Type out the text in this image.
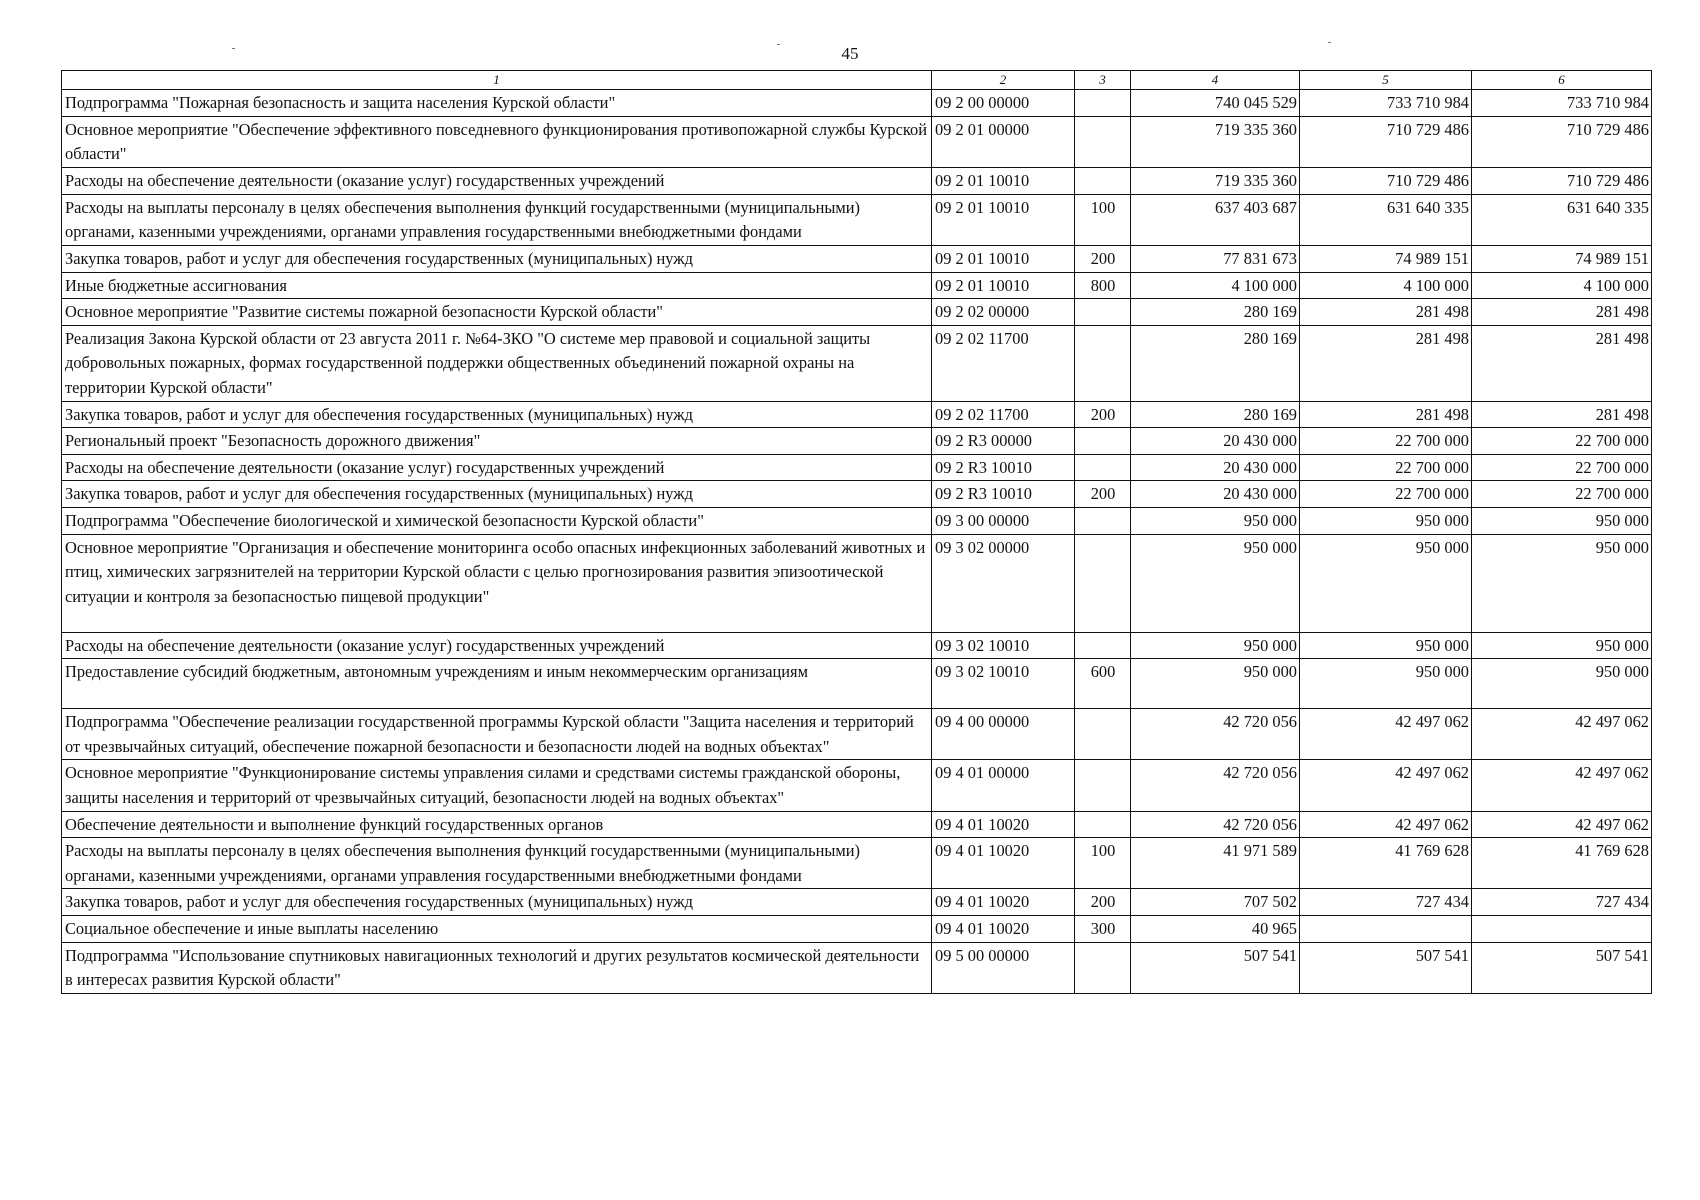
45
1	2	3	4	5	6
Подпрограмма "Пожарная безопасность и защита населения Курской области"	09 2 00 00000		740 045 529	733 710 984	733 710 984
Основное мероприятие "Обеспечение эффективного повседневного функционирования противопожарной службы Курской области"	09 2 01 00000		719 335 360	710 729 486	710 729 486
Расходы на обеспечение деятельности (оказание услуг) государственных учреждений	09 2 01 10010		719 335 360	710 729 486	710 729 486
Расходы на выплаты персоналу в целях обеспечения выполнения функций государственными (муниципальными) органами, казенными учреждениями, органами управления государственными внебюджетными фондами	09 2 01 10010	100	637 403 687	631 640 335	631 640 335
Закупка товаров, работ и услуг для обеспечения государственных (муниципальных) нужд	09 2 01 10010	200	77 831 673	74 989 151	74 989 151
Иные бюджетные ассигнования	09 2 01 10010	800	4 100 000	4 100 000	4 100 000
Основное мероприятие "Развитие системы пожарной безопасности Курской области"	09 2 02 00000		280 169	281 498	281 498
Реализация Закона Курской области от 23 августа 2011 г. №64-ЗКО "О системе мер правовой и социальной защиты добровольных пожарных, формах государственной поддержки общественных объединений пожарной охраны на территории Курской области"	09 2 02 11700		280 169	281 498	281 498
Закупка товаров, работ и услуг для обеспечения государственных (муниципальных) нужд	09 2 02 11700	200	280 169	281 498	281 498
Региональный проект "Безопасность дорожного движения"	09 2 R3 00000		20 430 000	22 700 000	22 700 000
Расходы на обеспечение деятельности (оказание услуг) государственных учреждений	09 2 R3 10010		20 430 000	22 700 000	22 700 000
Закупка товаров, работ и услуг для обеспечения государственных (муниципальных) нужд	09 2 R3 10010	200	20 430 000	22 700 000	22 700 000
Подпрограмма "Обеспечение биологической и химической безопасности Курской области"	09 3 00 00000		950 000	950 000	950 000
Основное мероприятие "Организация и обеспечение мониторинга особо опасных инфекционных заболеваний животных и птиц, химических загрязнителей на территории Курской области с целью прогнозирования развития эпизоотической ситуации и контроля за безопасностью пищевой продукции"	09 3 02 00000		950 000	950 000	950 000
Расходы на обеспечение деятельности (оказание услуг) государственных учреждений	09 3 02 10010		950 000	950 000	950 000
Предоставление субсидий бюджетным, автономным учреждениям и иным некоммерческим организациям	09 3 02 10010	600	950 000	950 000	950 000
Подпрограмма "Обеспечение реализации государственной программы Курской области "Защита населения и территорий от чрезвычайных ситуаций, обеспечение пожарной безопасности и безопасности людей на водных объектах"	09 4 00 00000		42 720 056	42 497 062	42 497 062
Основное мероприятие "Функционирование системы управления силами и средствами системы гражданской обороны, защиты населения и территорий от чрезвычайных ситуаций, безопасности людей на водных объектах"	09 4 01 00000		42 720 056	42 497 062	42 497 062
Обеспечение деятельности и выполнение функций государственных органов	09 4 01 10020		42 720 056	42 497 062	42 497 062
Расходы на выплаты персоналу в целях обеспечения выполнения функций государственными (муниципальными) органами, казенными учреждениями, органами управления государственными внебюджетными фондами	09 4 01 10020	100	41 971 589	41 769 628	41 769 628
Закупка товаров, работ и услуг для обеспечения государственных (муниципальных) нужд	09 4 01 10020	200	707 502	727 434	727 434
Социальное обеспечение и иные выплаты населению	09 4 01 10020	300	40 965		
Подпрограмма "Использование спутниковых навигационных технологий и других результатов космической деятельности в интересах развития Курской области"	09 5 00 00000		507 541	507 541	507 541
